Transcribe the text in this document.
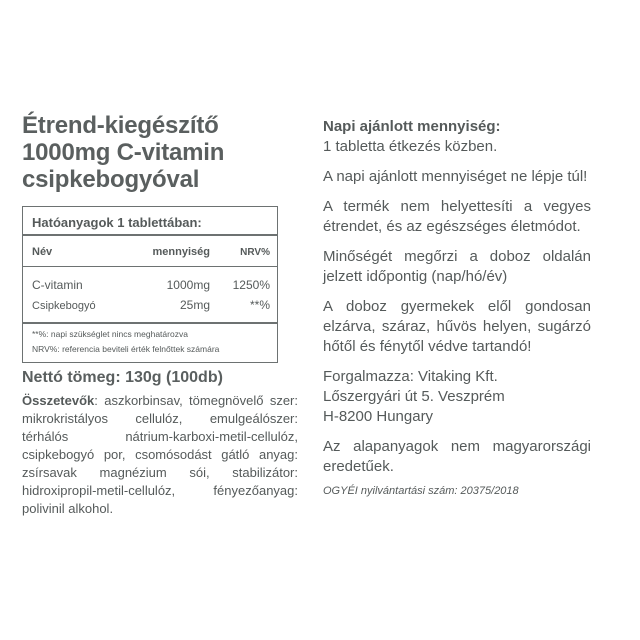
Étrend-kiegészítő
1000mg C-vitamin
csipkebogyóval
Hatóanyagok 1 tablettában:
Név	mennyiség	NRV%
C-vitamin	1000mg	1250%
Csipkebogyó	25mg	**%
**%: napi szükséglet nincs meghatározva
NRV%: referencia beviteli érték felnőttek számára
Nettó tömeg: 130g (100db)
Összetevők: aszkorbinsav, tömegnövelő szer: mikrokristályos cellulóz, emulgeálószer: térhálós nátrium-karboxi-metil-cellulóz, csipkebogyó por, csomósodást gátló anyag: zsírsavak magnézium sói, stabilizátor: hidroxipropil-metil-cellulóz, fényezőanyag: polivinil alkohol.

Napi ajánlott mennyiség:
1 tabletta étkezés közben.

A napi ajánlott mennyiséget ne lépje túl!

A termék nem helyettesíti a vegyes étrendet, és az egészséges életmódot.

Minőségét megőrzi a doboz oldalán jelzett időpontig (nap/hó/év)

A doboz gyermekek elől gondosan elzárva, száraz, hűvös helyen, sugárzó hőtől és fénytől védve tartandó!

Forgalmazza: Vitaking Kft.
Lőszergyári út 5. Veszprém
H-8200 Hungary

Az alapanyagok nem magyarországi eredetűek.

OGYÉI nyilvántartási szám: 20375/2018
